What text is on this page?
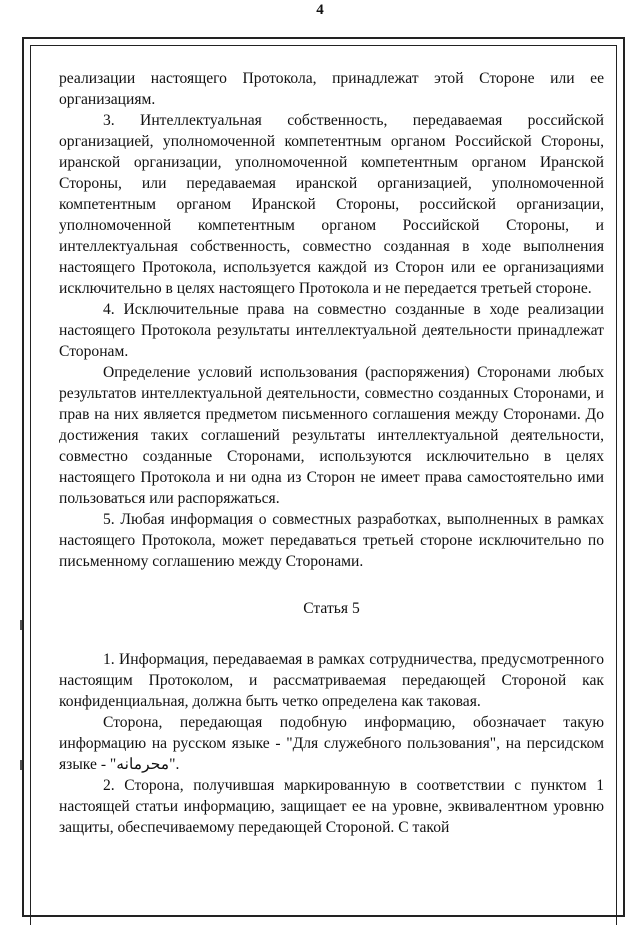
4

реализации настоящего Протокола, принадлежат этой Стороне или ее организациям.

3. Интеллектуальная собственность, передаваемая российской организацией, уполномоченной компетентным органом Российской Стороны, иранской организации, уполномоченной компетентным органом Иранской Стороны, или передаваемая иранской организацией, уполномоченной компетентным органом Иранской Стороны, российской организации, уполномоченной компетентным органом Российской Стороны, и интеллектуальная собственность, совместно созданная в ходе выполнения настоящего Протокола, используется каждой из Сторон или ее организациями исключительно в целях настоящего Протокола и не передается третьей стороне.

4. Исключительные права на совместно созданные в ходе реализации настоящего Протокола результаты интеллектуальной деятельности принадлежат Сторонам.

Определение условий использования (распоряжения) Сторонами любых результатов интеллектуальной деятельности, совместно созданных Сторонами, и прав на них является предметом письменного соглашения между Сторонами. До достижения таких соглашений результаты интеллектуальной деятельности, совместно созданные Сторонами, используются исключительно в целях настоящего Протокола и ни одна из Сторон не имеет права самостоятельно ими пользоваться или распоряжаться.

5. Любая информация о совместных разработках, выполненных в рамках настоящего Протокола, может передаваться третьей стороне исключительно по письменному соглашению между Сторонами.

Статья 5

1. Информация, передаваемая в рамках сотрудничества, предусмотренного настоящим Протоколом, и рассматриваемая передающей Стороной как конфиденциальная, должна быть четко определена как таковая.

Сторона, передающая подобную информацию, обозначает такую информацию на русском языке - "Для служебного пользования", на персидском языке - "محرمانه".

2. Сторона, получившая маркированную в соответствии с пунктом 1 настоящей статьи информацию, защищает ее на уровне, эквивалентном уровню защиты, обеспечиваемому передающей Стороной. С такой
